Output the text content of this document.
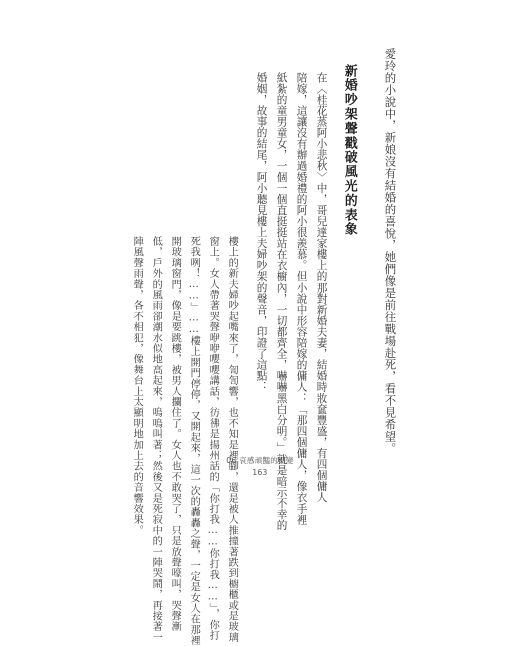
愛玲的小說中，新娘沒有結婚的喜悅，她們像是前往戰場赴死，看不見希望。
新婚吵架聲戳破風光的表象
在〈桂花蒸阿小悲秋〉中，哥兒達家樓上的那對新婚夫妻，結婚時妝奩豐盛，有四個傭人
陪嫁，這讓沒有辦過婚禮的阿小很羨慕。但小說中形容陪嫁的傭人：「那四個傭人，像衣手裡
紙紮的童男童女，一個一個直挺挺站在衣櫥內，一切都齊全，嚇嚇黑白分明。」就是暗示不幸的
婚姻，故事的結尾，阿小聽見樓上夫婦吵架的聲音，印證了這點：
樓上的新夫婦吵起嘴來了，訇訇響，也不知是裡腳，還是被人推撞著跌到櫥櫃或是玻璃
窗上。女人帶著哭聲咿咿嚶嚶講話，彷彿是揚州話的「你打我……你打我……」，你打
死我咧！……」……樓上開門停停，又開起來，這一次的轟轟之聲，一定是女人在那裡
開玻璃窗門，像是要跳樓，被男人攔住了。女人也不敢哭了，只是放聲嚎叫，哭聲漸
低，戶外的風雨卻潮水似地高起來，嗚嗚叫著；然後又是死寂中的一陣哭鬧，再接著一
陣風聲雨聲，各不相犯，像舞台上太顯明地加上去的音響效果。	06 哀感頑豔的婚變
163
